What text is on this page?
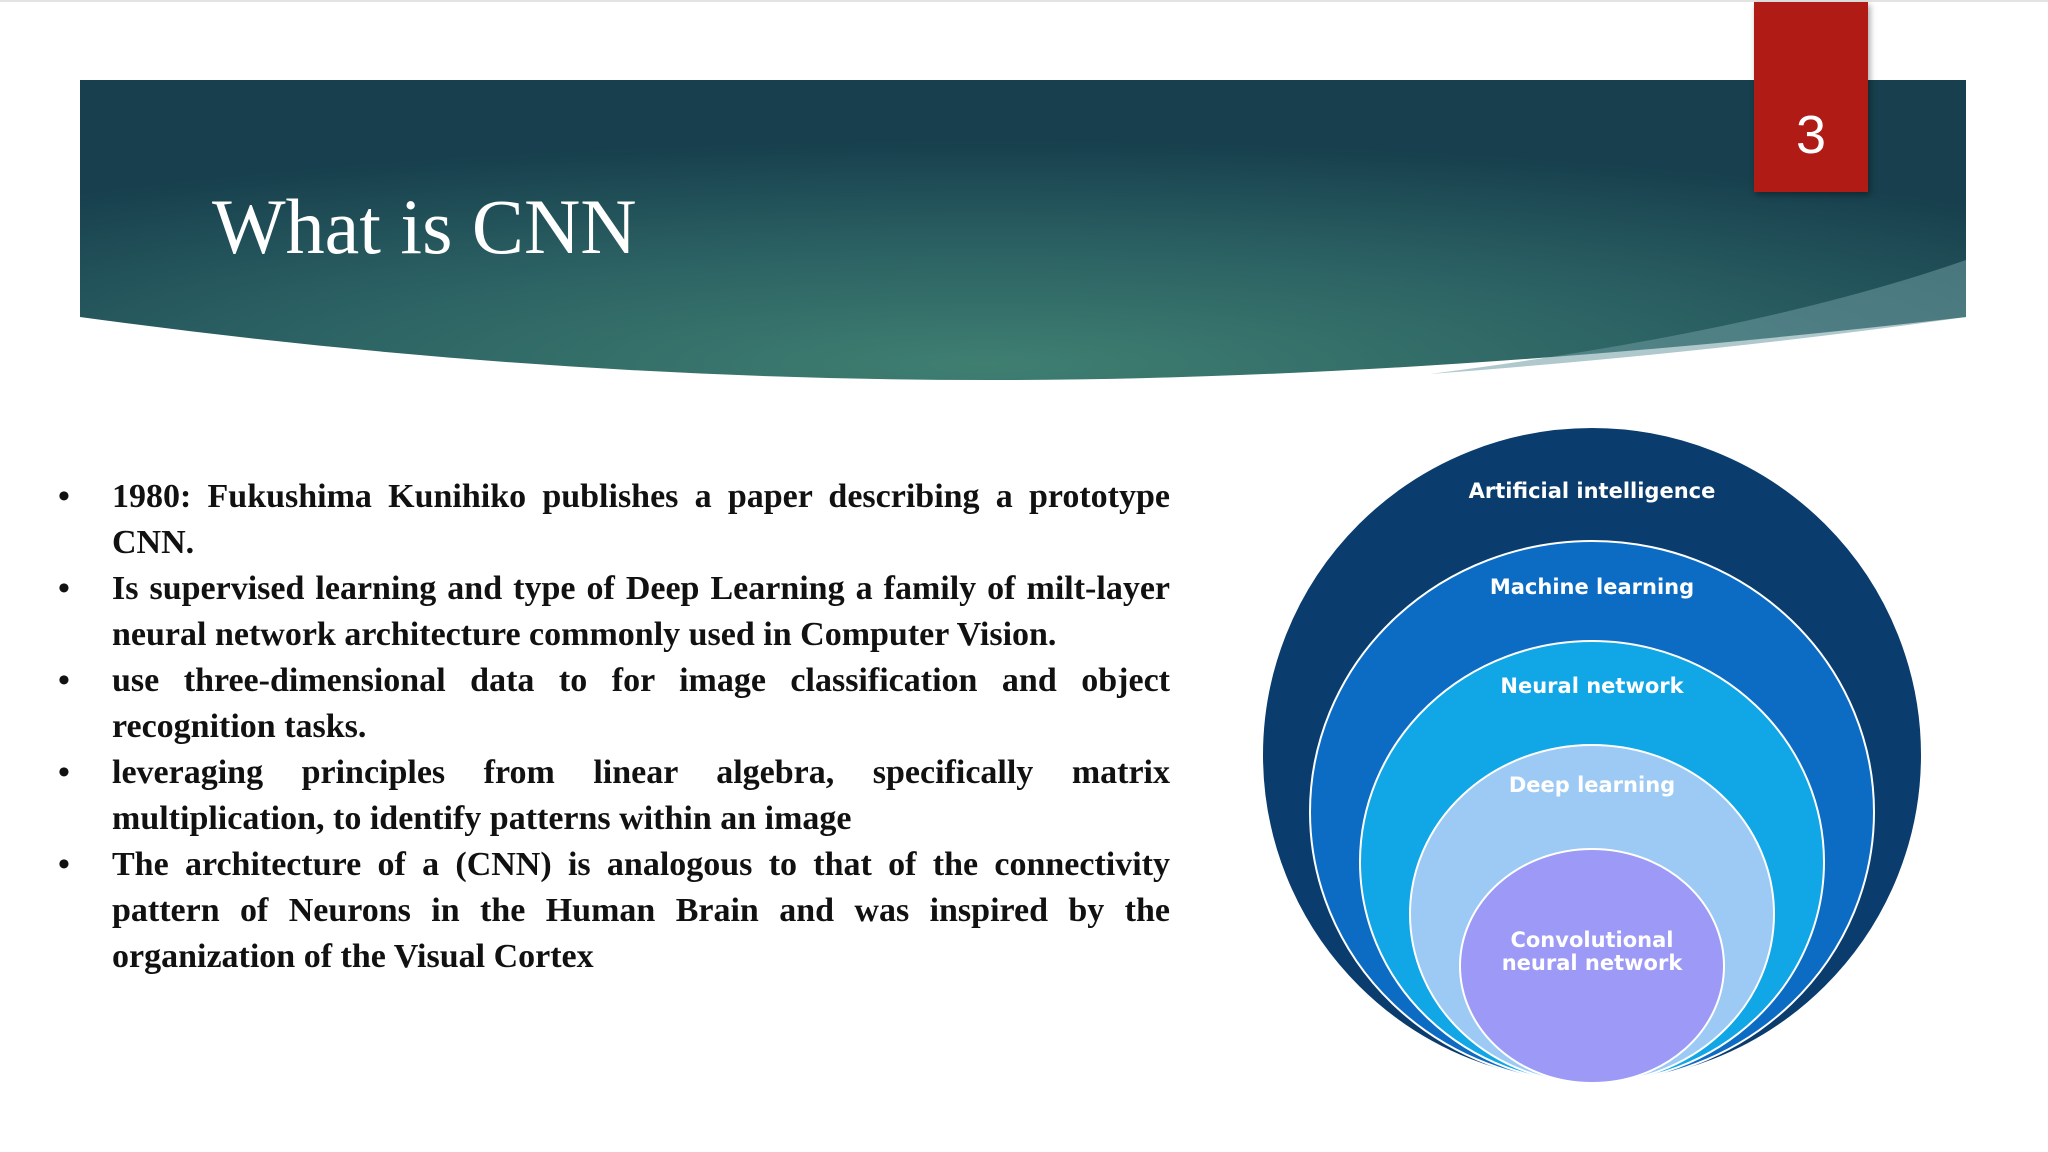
3
What is CNN
•	1980: Fukushima Kunihiko publishes a paper describing a prototype CNN.
•	Is supervised learning and type of Deep Learning a family of milt-layer neural network architecture commonly used in Computer Vision.
•	use three-dimensional data to for image classification and object recognition tasks.
•	leveraging principles from linear algebra, specifically matrix multiplication, to identify patterns within an image
•	The architecture of a (CNN) is analogous to that of the connectivity pattern of Neurons in the Human Brain and was inspired by the organization of the Visual Cortex
Artificial intelligence
Machine learning
Neural network
Deep learning
Convolutional
neural network
